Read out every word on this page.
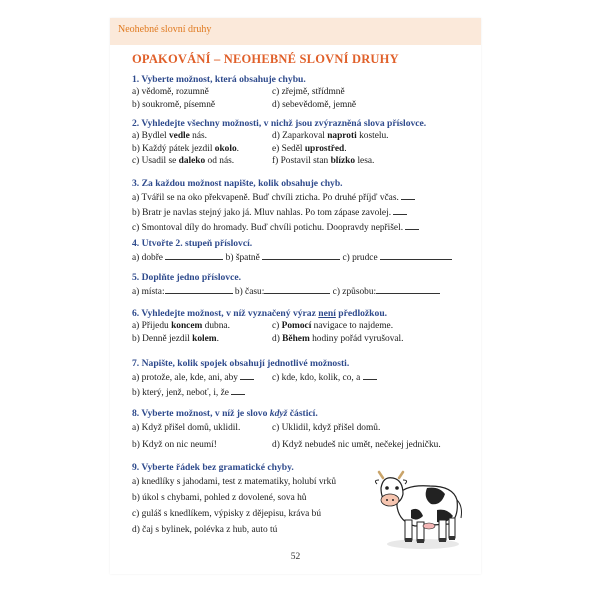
Neohebné slovní druhy
OPAKOVÁNÍ – NEOHEBNÉ SLOVNÍ DRUHY
1. Vyberte možnost, která obsahuje chybu.
a) vědomě, rozumně	c) zřejmě, střídmně
b) soukromě, písemně	d) sebevědomě, jemně
2. Vyhledejte všechny možnosti, v nichž jsou zvýrazněná slova příslovce.
a) Bydlel vedle nás.	d) Zaparkoval naproti kostelu.
b) Každý pátek jezdil okolo.	e) Seděl uprostřed.
c) Usadil se daleko od nás.	f) Postavil stan blízko lesa.
3. Za každou možnost napište, kolik obsahuje chyb.
a) Tvářil se na oko překvapeně. Buď chvíli zticha. Po druhé příjď včas.
b) Bratr je navlas stejný jako já. Mluv nahlas. Po tom zápase zavolej.
c) Smontoval díly do hromady. Buď chvíli potichu. Doopravdy nepřišel.
4. Utvořte 2. stupeň příslovcí.
a) dobře	b) špatně	c) prudce
5. Doplňte jedno příslovce.
a) místa:	b) času:	c) způsobu:
6. Vyhledejte možnost, v níž vyznačený výraz není předložkou.
a) Přijedu koncem dubna.	c) Pomocí navigace to najdeme.
b) Denně jezdil kolem.	d) Během hodiny pořád vyrušoval.
7. Napište, kolik spojek obsahují jednotlivé možnosti.
a) protože, ale, kde, ani, aby	c) kde, kdo, kolik, co, a
b) který, jenž, neboť, i, že
8. Vyberte možnost, v níž je slovo když částicí.
a) Když přišel domů, uklidil.	c) Uklidil, když přišel domů.
b) Když on nic neumí!	d) Když nebudeš nic umět, nečekej jedničku.
9. Vyberte řádek bez gramatické chyby.
a) knedlíky s jahodami, test z matematiky, holubí vrků
b) úkol s chybami, pohled z dovolené, sova hů
c) guláš s knedlíkem, výpisky z dějepisu, kráva bú
d) čaj s bylinek, polévka z hub, auto tú
52
